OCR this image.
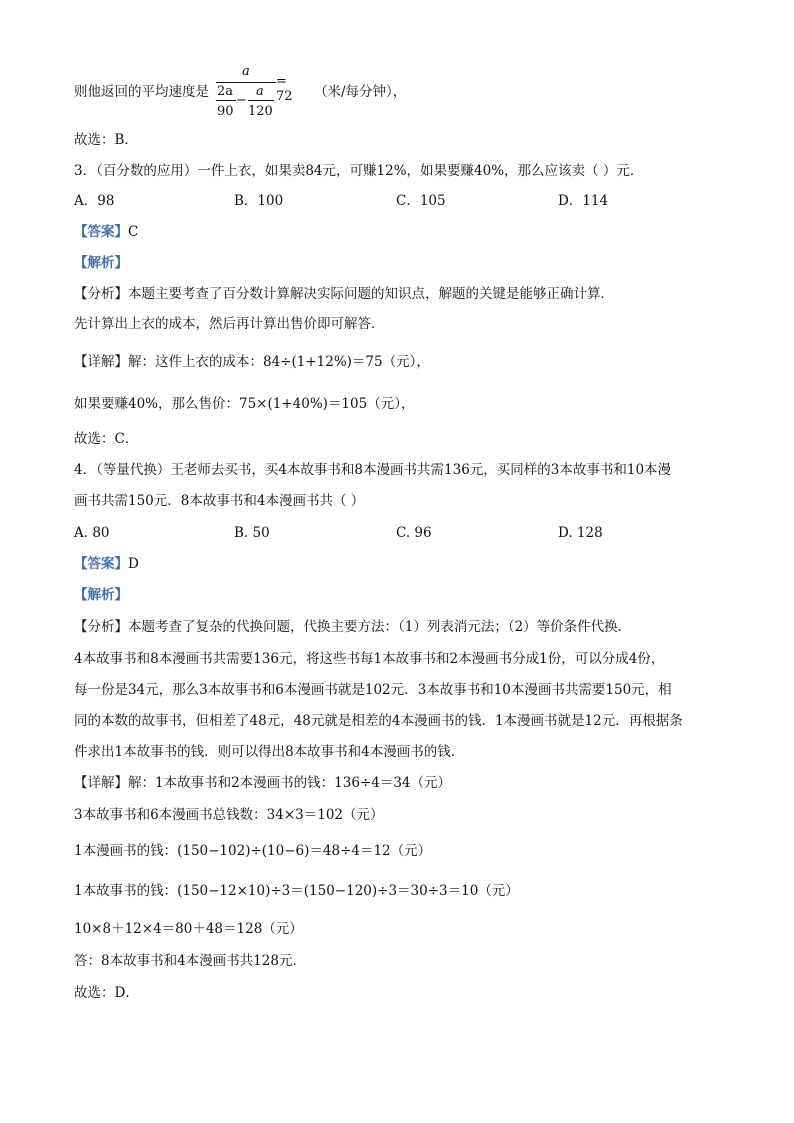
则他返回的平均速度是
a
2a
90
−
a
120
= 72	（米/每分钟），
故选：B．
3．（百分数的应用）一件上衣，如果卖84元，可赚12%，如果要赚40%，那么应该卖（ ）元．
A．98	B．100	C．105	D．114
【答案】C
【解析】
【分析】本题主要考查了百分数计算解决实际问题的知识点，解题的关键是能够正确计算．
先计算出上衣的成本，然后再计算出售价即可解答．
【详解】解：这件上衣的成本：84÷(1+12%)＝75（元），
如果要赚40%，那么售价：75×(1+40%)＝105（元），
故选：C．
4．（等量代换）王老师去买书，买4本故事书和8本漫画书共需136元，买同样的3本故事书和10本漫
画书共需150元．8本故事书和4本漫画书共（ ）
A. 80	B. 50	C. 96	D. 128
【答案】D
【解析】
【分析】本题考查了复杂的代换问题，代换主要方法：（1）列表消元法；（2）等价条件代换．
4本故事书和8本漫画书共需要136元，将这些书每1本故事书和2本漫画书分成1份，可以分成4份，
每一份是34元，那么3本故事书和6本漫画书就是102元．3本故事书和10本漫画书共需要150元，相
同的本数的故事书，但相差了48元，48元就是相差的4本漫画书的钱．1本漫画书就是12元．再根据条
件求出1本故事书的钱．则可以得出8本故事书和4本漫画书的钱．
【详解】解：1本故事书和2本漫画书的钱：136÷4＝34（元）
3本故事书和6本漫画书总钱数：34×3＝102（元）
1本漫画书的钱：(150−102)÷(10−6)＝48÷4＝12（元）
1本故事书的钱：(150−12×10)÷3＝(150−120)÷3＝30÷3＝10（元）
10×8＋12×4＝80＋48＝128（元）
答：8本故事书和4本漫画书共128元．
故选：D．
